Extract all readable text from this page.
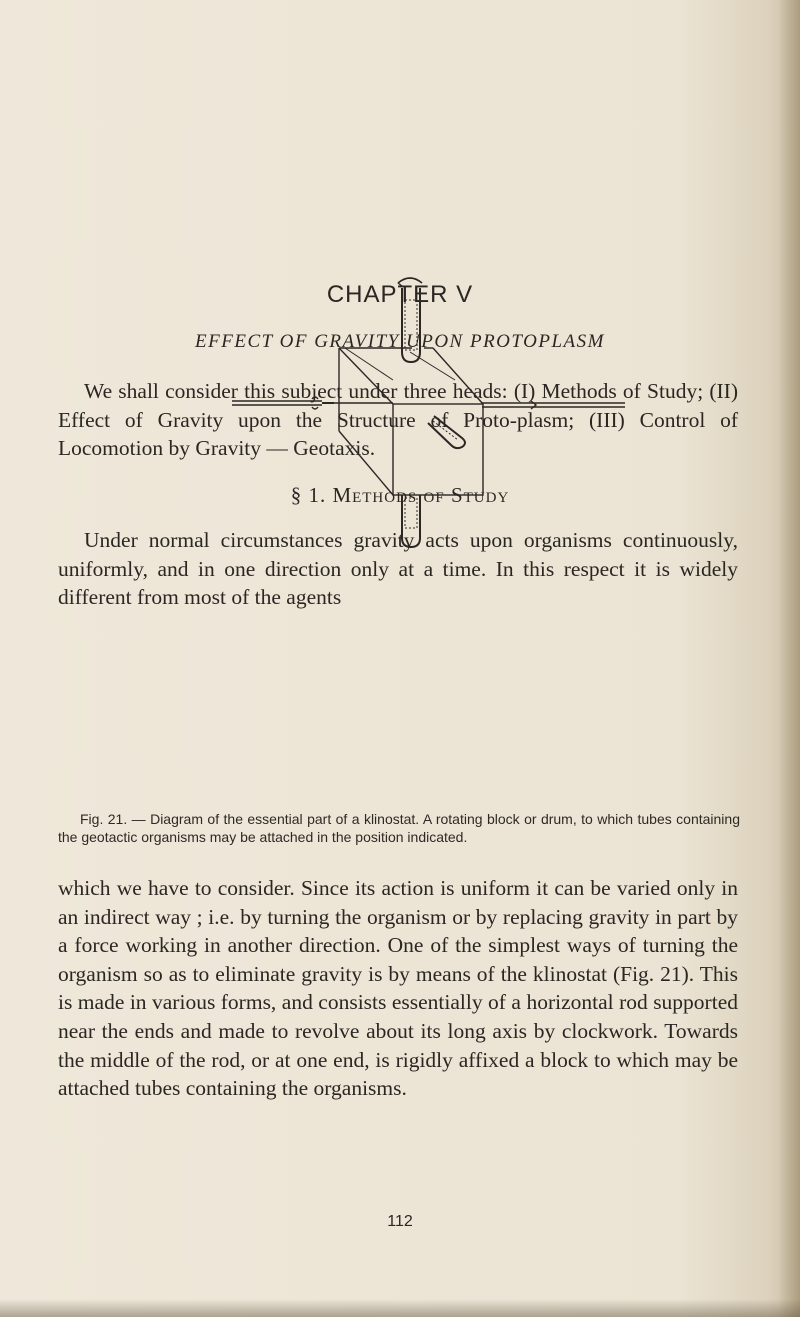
CHAPTER V
EFFECT OF GRAVITY UPON PROTOPLASM
We shall consider this subject under three heads: (I) Methods of Study; (II) Effect of Gravity upon the Structure of Proto-plasm; (III) Control of Locomotion by Gravity — Geotaxis.
§ 1. Methods of Study
Under normal circumstances gravity acts upon organisms continuously, uniformly, and in one direction only at a time. In this respect it is widely different from most of the agents
Fig. 21. — Diagram of the essential part of a klinostat. A rotating block or drum, to which tubes containing the geotactic organisms may be attached in the position indicated.
which we have to consider. Since its action is uniform it can be varied only in an indirect way ; i.e. by turning the organism or by replacing gravity in part by a force working in another direction. One of the simplest ways of turning the organism so as to eliminate gravity is by means of the klinostat (Fig. 21). This is made in various forms, and consists essentially of a horizontal rod supported near the ends and made to revolve about its long axis by clockwork. Towards the middle of the rod, or at one end, is rigidly affixed a block to which may be attached tubes containing the organisms.
112
